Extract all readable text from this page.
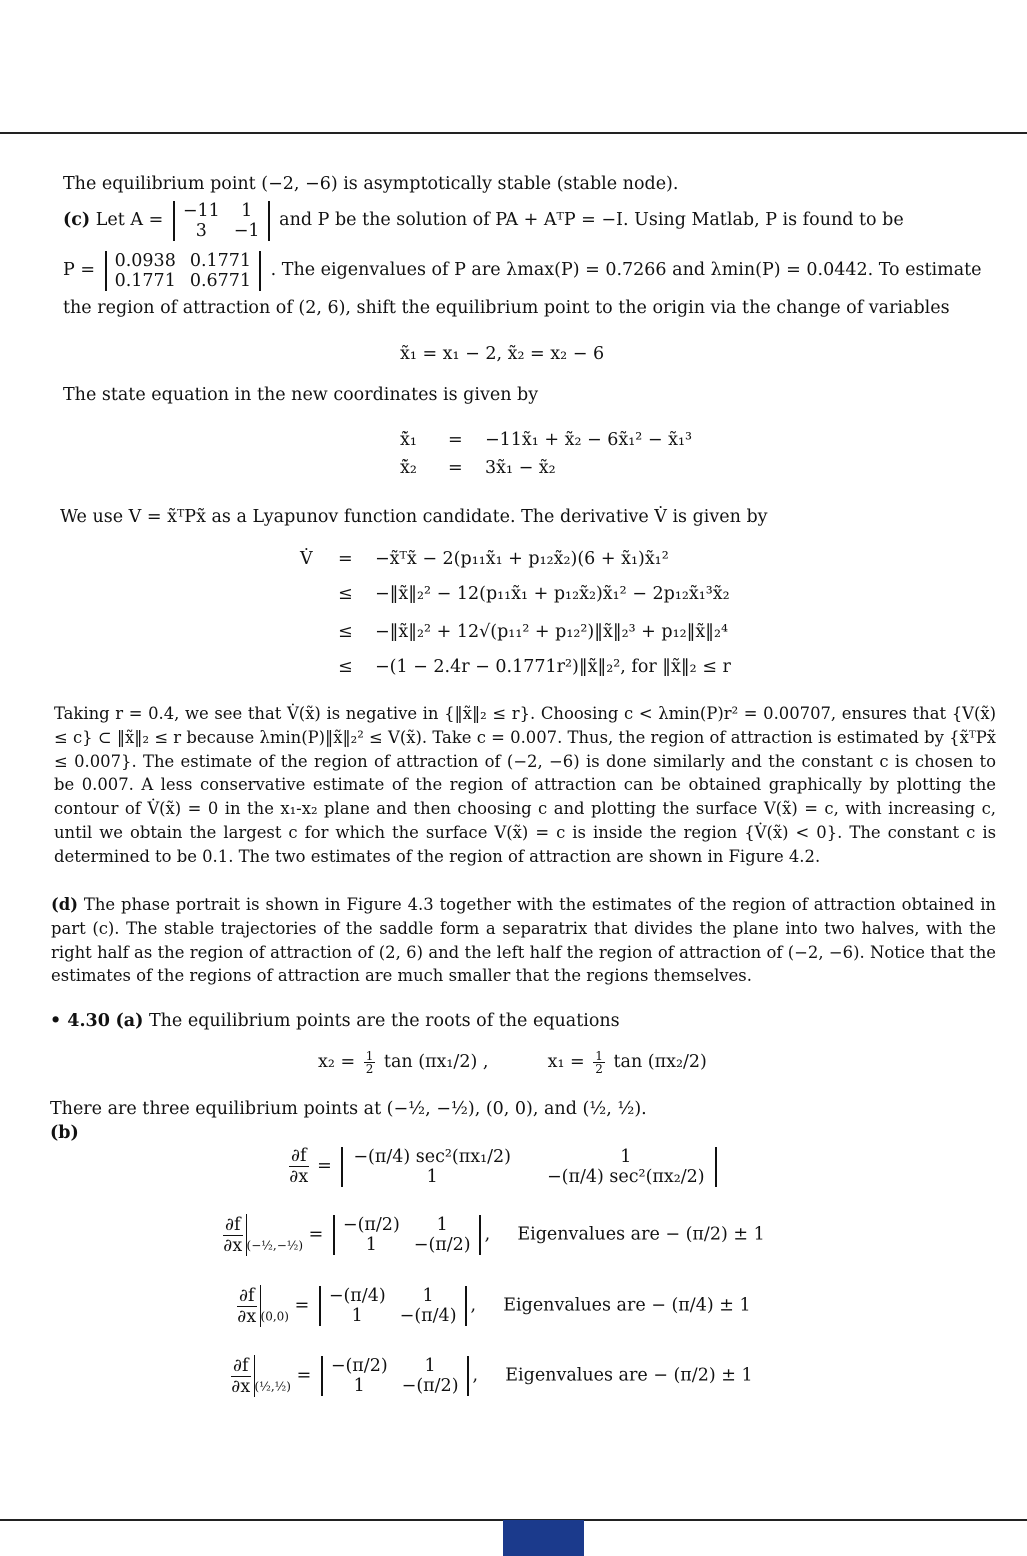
The equilibrium point (−2, −6) is asymptotically stable (stable node).
(c) Let A = −11	1
3	−1
and P be the solution of PA + AᵀP = −I. Using Matlab, P is found to be
P = 0.0938 0.1771
0.1771 0.6771
. The eigenvalues of P are λmax(P) = 0.7266 and λmin(P) = 0.0442. To estimate
the region of attraction of (2, 6), shift the equilibrium point to the origin via the change of variables
x̃₁ = x₁ − 2, x̃₂ = x₂ − 6
The state equation in the new coordinates is given by
x̃̇₁ = −11x̃₁ + x̃₂ − 6x̃₁² − x̃₁³
x̃̇₂ = 3x̃₁ − x̃₂
We use V = x̃ᵀPx̃ as a Lyapunov function candidate. The derivative V̇ is given by
V̇ = −x̃ᵀx̃ − 2(p₁₁x̃₁ + p₁₂x̃₂)(6 + x̃₁)x̃₁²
≤ −‖x̃‖₂² − 12(p₁₁x̃₁ + p₁₂x̃₂)x̃₁² − 2p₁₂x̃₁³x̃₂
≤ −‖x̃‖₂² + 12√(p₁₁² + p₁₂²)‖x̃‖₂³ + p₁₂‖x̃‖₂⁴
≤ −(1 − 2.4r − 0.1771r²)‖x̃‖₂², for ‖x̃‖₂ ≤ r
Taking r = 0.4, we see that V̇(x̃) is negative in {‖x̃‖₂ ≤ r}. Choosing c < λmin(P)r² = 0.00707, ensures that {V(x̃) ≤ c} ⊂ ‖x̃‖₂ ≤ r because λmin(P)‖x̃‖₂² ≤ V(x̃). Take c = 0.007. Thus, the region of attraction is estimated by {x̃ᵀPx̃ ≤ 0.007}. The estimate of the region of attraction of (−2, −6) is done similarly and the constant c is chosen to be 0.007. A less conservative estimate of the region of attraction can be obtained graphically by plotting the contour of V̇(x̃) = 0 in the x₁-x₂ plane and then choosing c and plotting the surface V(x̃) = c, with increasing c, until we obtain the largest c for which the surface V(x̃) = c is inside the region {V̇(x̃) < 0}. The constant c is determined to be 0.1. The two estimates of the region of attraction are shown in Figure 4.2.
(d) The phase portrait is shown in Figure 4.3 together with the estimates of the region of attraction obtained in part (c). The stable trajectories of the saddle form a separatrix that divides the plane into two halves, with the right half as the region of attraction of (2, 6) and the left half the region of attraction of (−2, −6). Notice that the estimates of the regions of attraction are much smaller that the regions themselves.
• 4.30 (a) The equilibrium points are the roots of the equations
$x_2 = \frac{1}{2}$ tan (πx₁/2) ,	$x_1 = \frac{1}{2}$ tan (πx₂/2)
There are three equilibrium points at (−½, −½), (0, 0), and (½, ½).
(b)
$\frac{\partial f}{\partial x} = -(\pi/4)$ sec²(πx₁/2)	1
1	−(π/4) sec²(πx₂/2)
$\frac{\partial f}{\partial x} _{(-\frac{1}{2},-\frac{1}{2})} = -(\pi/2)$	1
1	−(π/2)
,  Eigenvalues are − (π/2) ± 1
$\frac{\partial f}{\partial x} _{(0,0)} = -(\pi/4)$	1
1	−(π/4)
,  Eigenvalues are − (π/4) ± 1
$\frac{\partial f}{\partial x} _{(\frac{1}{2},\frac{1}{2})} = -(\pi/2)$	1
1	−(π/2)
,  Eigenvalues are − (π/2) ± 1
